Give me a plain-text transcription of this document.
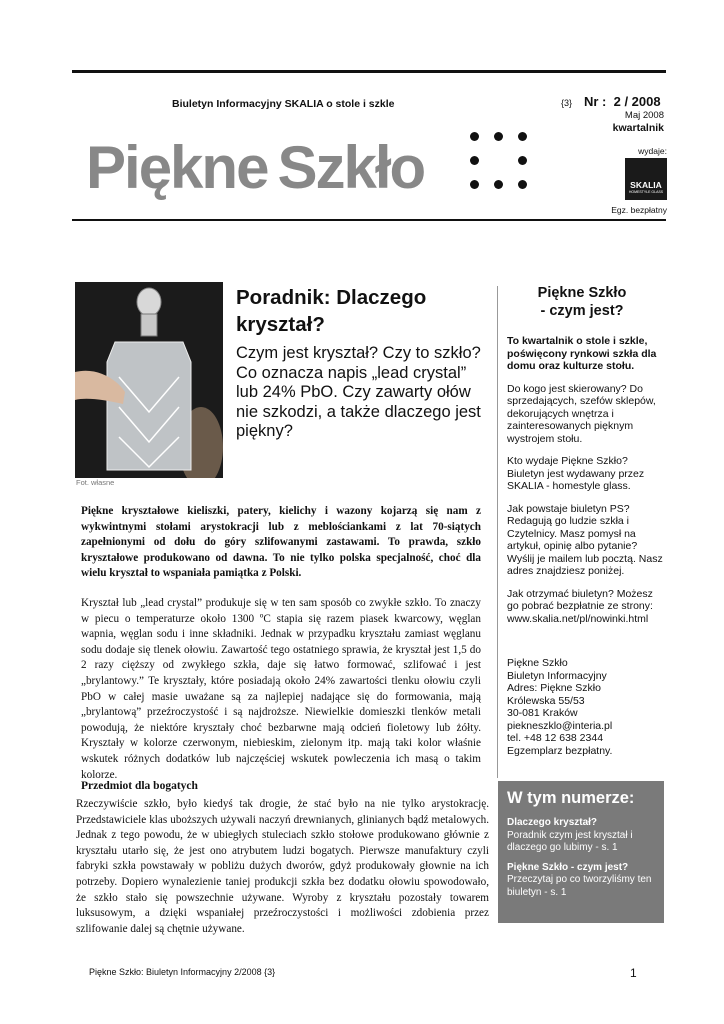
Biuletyn Informacyjny SKALIA o stole i szkle	{3} Nr :  2 / 2008
Maj 2008
kwartalnik
Piękne Szkło	wydaje:
SKALIA
HOMESTYLE GLASS
Egz. bezpłatny
Fot. własne
Poradnik: Dlaczego kryształ?
Czym jest kryształ? Czy to szkło? Co oznacza napis „lead crystal” lub 24% PbO. Czy zawarty ołów nie szkodzi, a także dlaczego jest piękny?
Piękne kryształowe kieliszki, patery, kielichy i wazony kojarzą się nam z wykwintnymi stołami arystokracji lub z meblościankami z lat 70-siątych zapełnionymi od dołu do góry szlifowanymi zastawami. To prawda, szkło kryształowe produkowano od dawna. To nie tylko polska specjalność, choć dla wielu kryształ to wspaniała pamiątka z Polski.
Kryształ lub „lead crystal” produkuje się w ten sam sposób co zwykłe szkło. To znaczy w piecu o temperaturze około 1300 ºC stapia się razem piasek kwarcowy, węglan wapnia, węglan sodu i inne składniki. Jednak w przypadku kryształu zamiast węglanu sodu dodaje się tlenek ołowiu. Zawartość tego ostatniego sprawia, że kryształ jest 1,5 do 2 razy cięższy od zwykłego szkła, daje się łatwo formować, szlifować i jest „brylantowy.” Te kryształy, które posiadają około 24% zawartości tlenku ołowiu czyli PbO w całej masie uważane są za najlepiej nadające się do formowania, mają „brylantową” przeźroczystość i są najdroższe. Niewielkie domieszki tlenków metali powodują, że niektóre kryształy choć bezbarwne mają odcień fioletowy lub żółty. Kryształy w kolorze czerwonym, niebieskim, zielonym itp. mają taki kolor właśnie wskutek różnych dodatków lub najczęściej wskutek powleczenia ich masą o takim kolorze.
Przedmiot dla bogatych
Rzeczywiście szkło, było kiedyś tak drogie, że stać było na nie tylko arystokrację. Przedstawiciele klas uboższych używali naczyń drewnianych, glinianych bądź metalowych. Jednak z tego powodu, że w ubiegłych stuleciach szkło stołowe produkowano głównie z kryształu utarło się, że jest ono atrybutem ludzi bogatych. Pierwsze manufaktury czyli fabryki szkła powstawały w pobliżu dużych dworów, gdyż produkowały głownie na ich potrzeby. Dopiero wynalezienie taniej produkcji szkła bez dodatku ołowiu spowodowało, że szkło stało się powszechnie używane. Wyroby z kryształu pozostały towarem luksusowym, a dzięki wspaniałej przeźroczystości i możliwości zdobienia przez szlifowanie dalej są chętnie używane.
Piękne Szkło
- czym jest?

To kwartalnik o stole i szkle, poświęcony rynkowi szkła dla domu oraz kulturze stołu.

Do kogo jest skierowany? Do sprzedających, szefów sklepów, dekorujących wnętrza i zainteresowanych pięknym wystrojem stołu.

Kto wydaje Piękne Szkło? Biuletyn jest wydawany przez SKALIA - homestyle glass.

Jak powstaje biuletyn PS? Redagują go ludzie szkła i Czytelnicy. Masz pomysł na artykuł, opinię albo pytanie? Wyślij je mailem lub pocztą. Nasz adres znajdziesz poniżej.

Jak otrzymać biuletyn? Możesz go pobrać bezpłatnie ze strony: www.skalia.net/pl/nowinki.html

Piękne Szkło
Biuletyn Informacyjny
Adres: Piękne Szkło
Królewska 55/53
30-081 Kraków
piekneszklo@interia.pl
tel. +48 12 638 2344
Egzemplarz bezpłatny.
W tym numerze:
Dlaczego kryształ?
Poradnik czym jest kryształ i dlaczego go lubimy - s. 1
Piękne Szkło - czym jest?
Przeczytaj po co tworzyliśmy ten biuletyn - s. 1
Piękne Szkło: Biuletyn Informacyjny 2/2008 {3}	1
